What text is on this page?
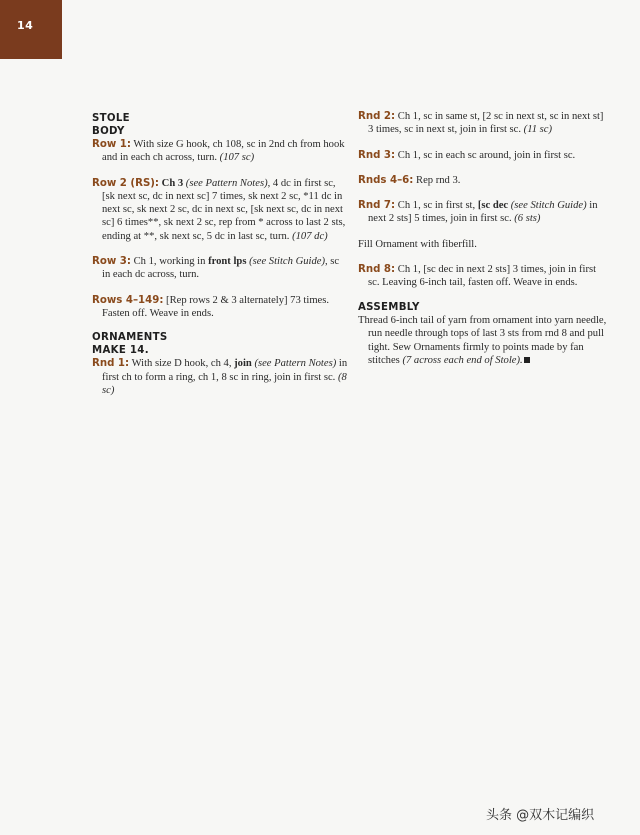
14
STOLE
BODY

Row 1: With size G hook, ch 108, sc in 2nd ch from hook and in each ch across, turn. (107 sc)

Row 2 (RS): Ch 3 (see Pattern Notes), 4 dc in first sc, [sk next sc, dc in next sc] 7 times, sk next 2 sc, *11 dc in next sc, sk next 2 sc, dc in next sc, [sk next sc, dc in next sc] 6 times**, sk next 2 sc, rep from * across to last 2 sts, ending at **, sk next sc, 5 dc in last sc, turn. (107 dc)

Row 3: Ch 1, working in front lps (see Stitch Guide), sc in each dc across, turn.

Rows 4–149: [Rep rows 2 & 3 alternately] 73 times. Fasten off. Weave in ends.

ORNAMENTS
MAKE 14.

Rnd 1: With size D hook, ch 4, join (see Pattern Notes) in first ch to form a ring, ch 1, 8 sc in ring, join in first sc. (8 sc)

Rnd 2: Ch 1, sc in same st, [2 sc in next st, sc in next st] 3 times, sc in next st, join in first sc. (11 sc)

Rnd 3: Ch 1, sc in each sc around, join in first sc.

Rnds 4–6: Rep rnd 3.

Rnd 7: Ch 1, sc in first st, [sc dec (see Stitch Guide) in next 2 sts] 5 times, join in first sc. (6 sts)

Fill Ornament with fiberfill.

Rnd 8: Ch 1, [sc dec in next 2 sts] 3 times, join in first sc. Leaving 6-inch tail, fasten off. Weave in ends.

ASSEMBLY

Thread 6-inch tail of yarn from ornament into yarn needle, run needle through tops of last 3 sts from rnd 8 and pull tight. Sew Ornaments firmly to points made by fan stitches (7 across each end of Stole).

头条 @双木记编织
